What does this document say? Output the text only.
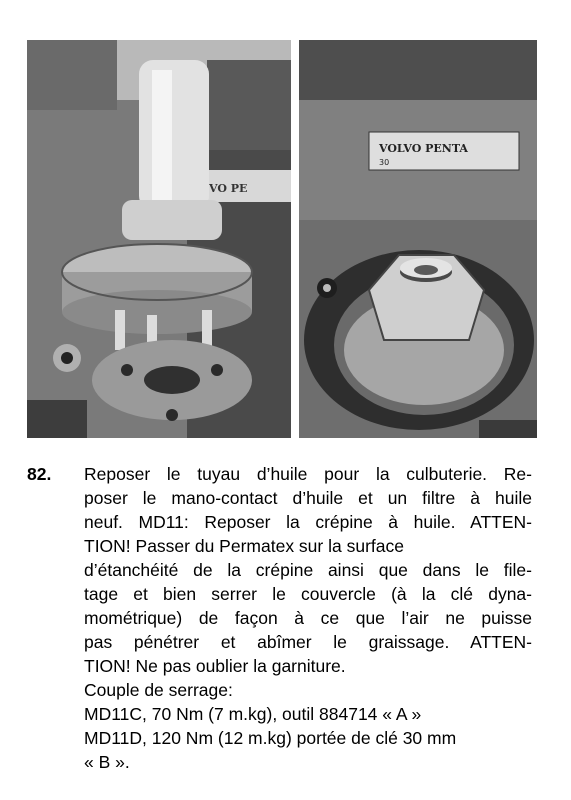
VO PE
VOLVO PENTA
30
82. Reposer le tuyau d’huile pour la culbuterie. Re-
poser le mano-contact d’huile et un filtre à huile
neuf. MD11: Reposer la crépine à huile. ATTEN-
TION! Passer du Permatex sur la surface
d’étanchéité de la crépine ainsi que dans le file-
tage et bien serrer le couvercle (à la clé dyna-
mométrique) de façon à ce que l’air ne puisse
pas pénétrer et abîmer le graissage. ATTEN-
TION! Ne pas oublier la garniture.
Couple de serrage:
MD11C, 70 Nm (7 m.kg), outil 884714 « A »
MD11D, 120 Nm (12 m.kg) portée de clé 30 mm
« B ».
